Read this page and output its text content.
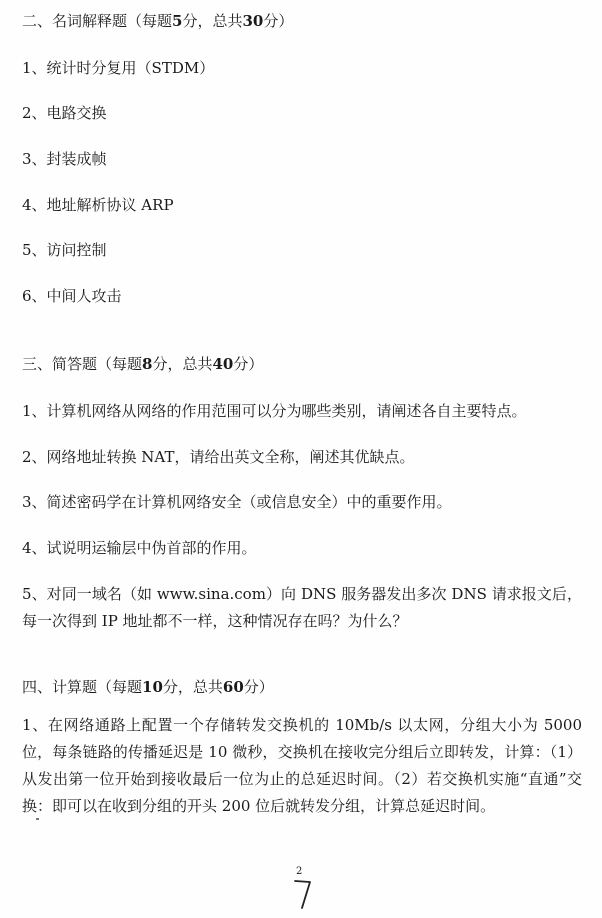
二、名词解释题（每题5分，总共30分）
1、统计时分复用（STDM）
2、电路交换
3、封装成帧
4、地址解析协议 ARP
5、访问控制
6、中间人攻击
三、简答题（每题8分，总共40分）
1、计算机网络从网络的作用范围可以分为哪些类别，请阐述各自主要特点。
2、网络地址转换 NAT，请给出英文全称，阐述其优缺点。
3、简述密码学在计算机网络安全（或信息安全）中的重要作用。
4、试说明运输层中伪首部的作用。
5、对同一域名（如 www.sina.com）向 DNS 服务器发出多次 DNS 请求报文后，每一次得到 IP 地址都不一样，这种情况存在吗？为什么？
四、计算题（每题10分，总共60分）
1、在网络通路上配置一个存储转发交换机的 10Mb/s 以太网，分组大小为 5000 位，每条链路的传播延迟是 10 微秒，交换机在接收完分组后立即转发，计算：（1）从发出第一位开始到接收最后一位为止的总延迟时间。（2）若交换机实施“直通”交换：即可以在收到分组的开头 200 位后就转发分组，计算总延迟时间。
2
